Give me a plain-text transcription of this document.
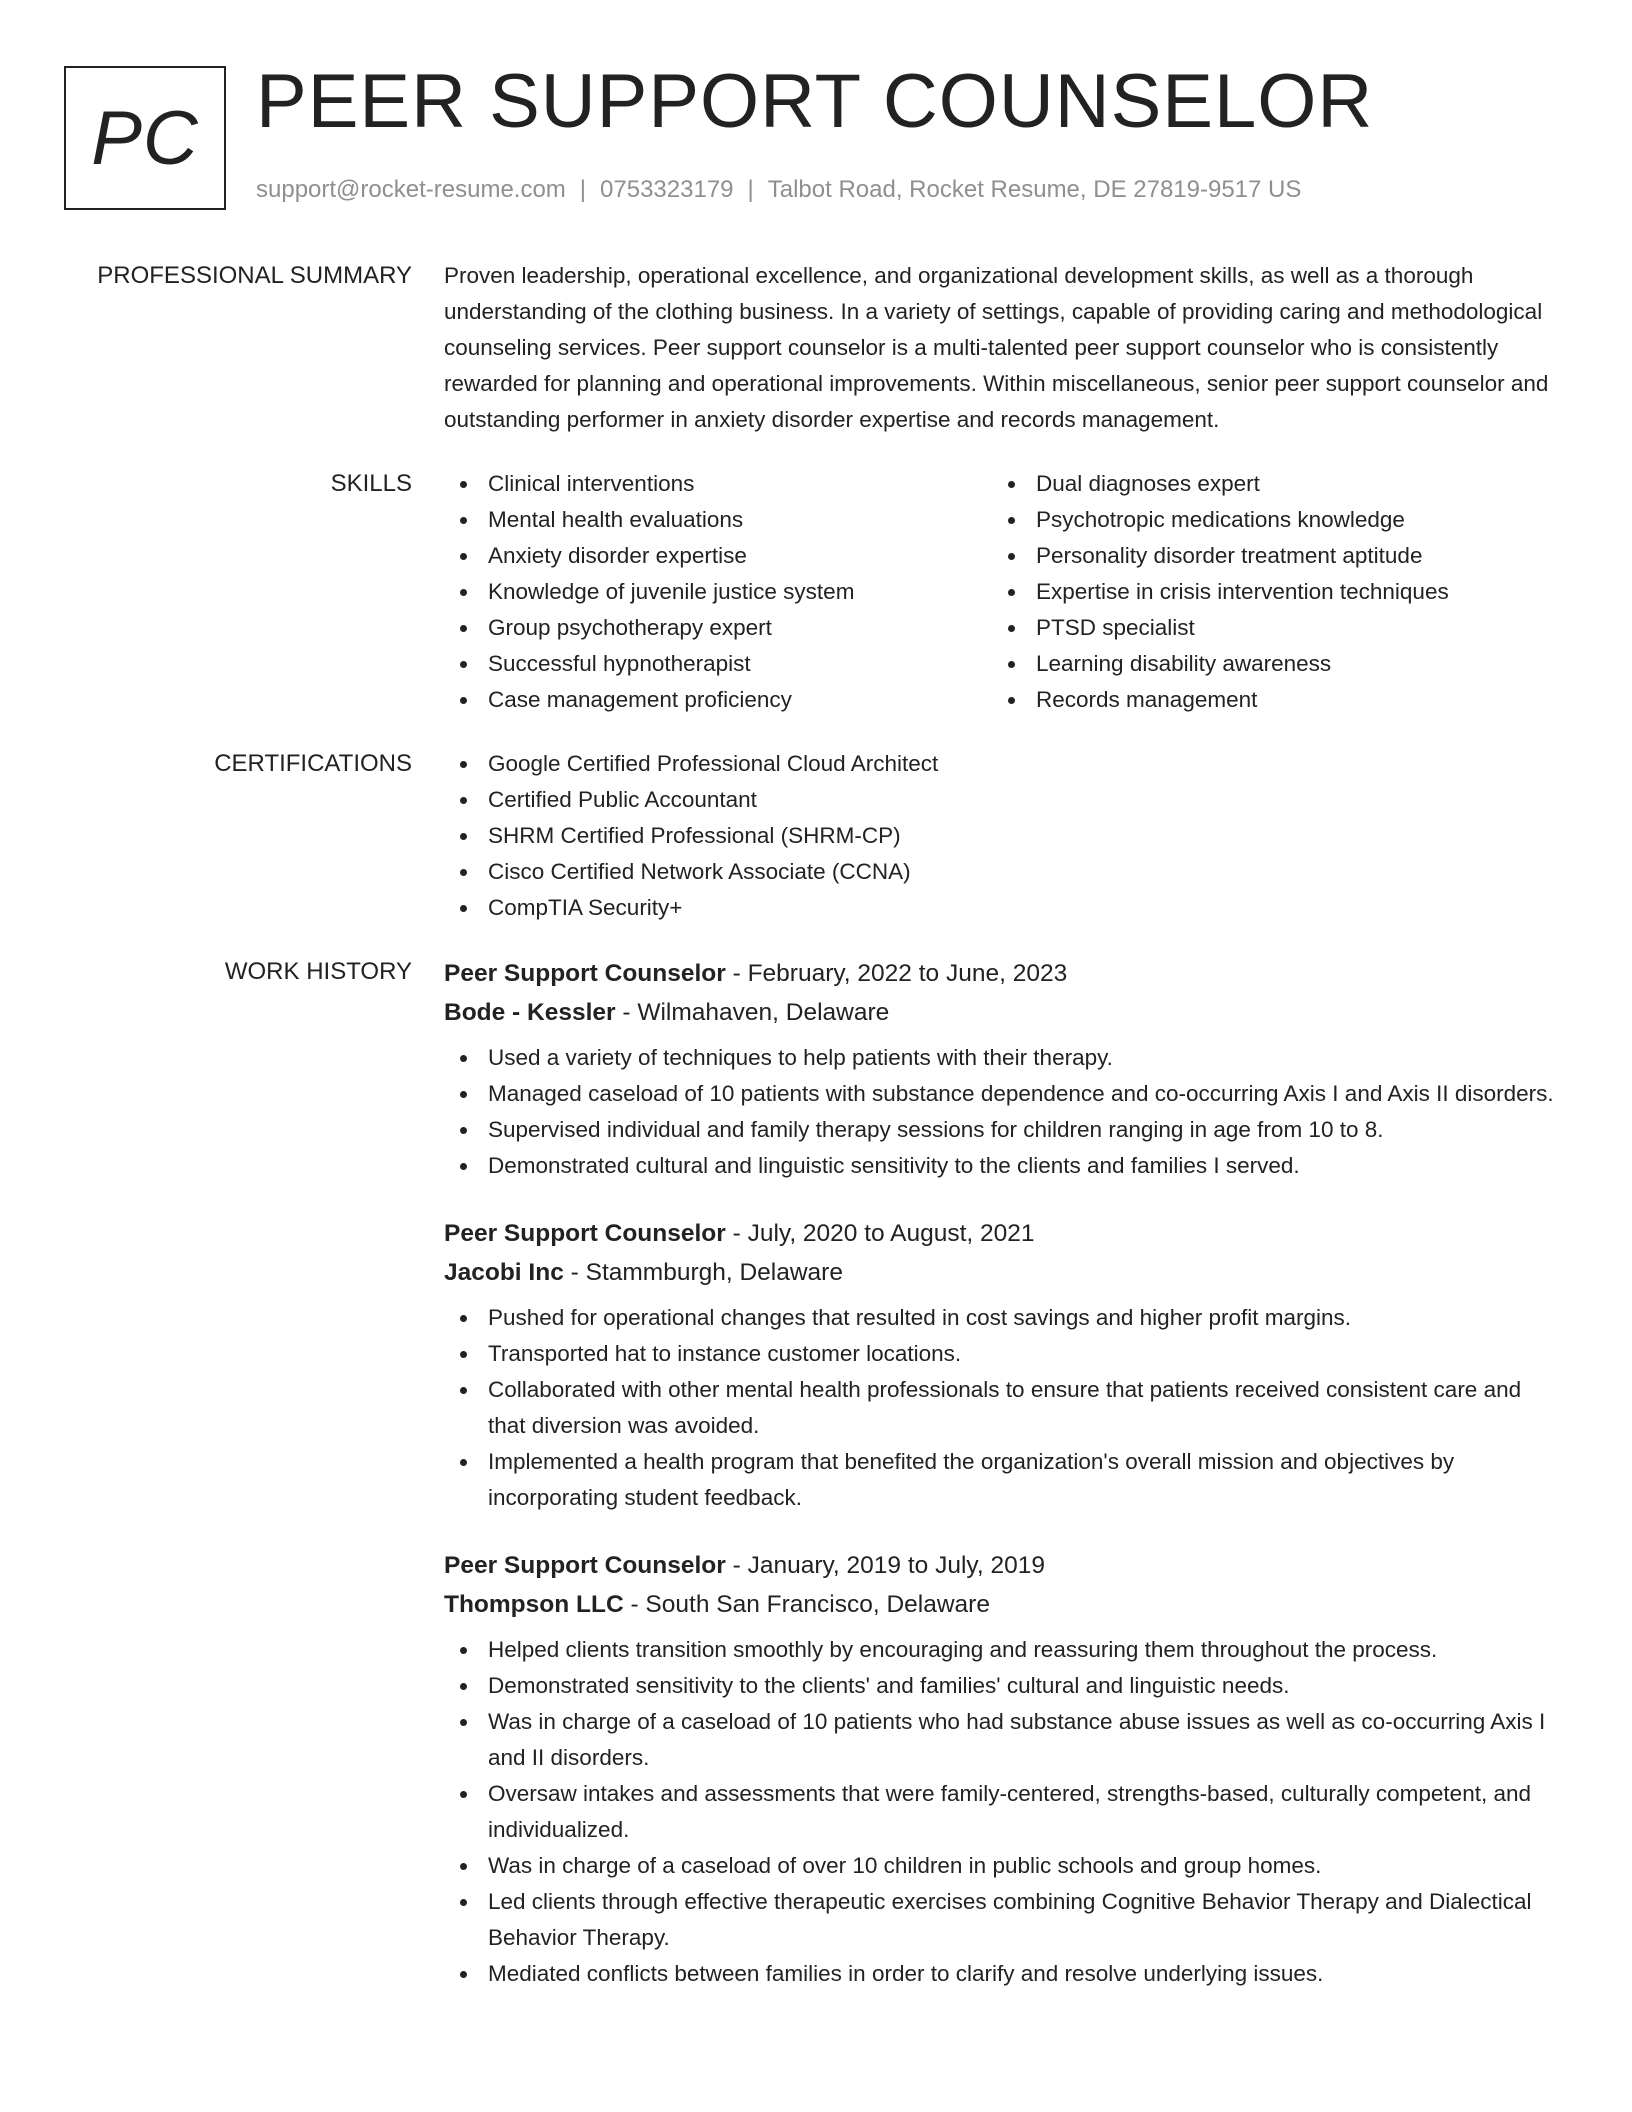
PC PEER SUPPORT COUNSELOR
support@rocket-resume.com | 0753323179 | Talbot Road, Rocket Resume, DE 27819-9517 US
PROFESSIONAL SUMMARY Proven leadership, operational excellence, and organizational development skills, as well as a thorough understanding of the clothing business. In a variety of settings, capable of providing caring and methodological counseling services. Peer support counselor is a multi-talented peer support counselor who is consistently rewarded for planning and operational improvements. Within miscellaneous, senior peer support counselor and outstanding performer in anxiety disorder expertise and records management.
SKILLS	Clinical interventions
Mental health evaluations
Anxiety disorder expertise
Knowledge of juvenile justice system
Group psychotherapy expert
Successful hypnotherapist
Case management proficiency
Dual diagnoses expert
Psychotropic medications knowledge
Personality disorder treatment aptitude
Expertise in crisis intervention techniques
PTSD specialist
Learning disability awareness
Records management
CERTIFICATIONS	Google Certified Professional Cloud Architect
Certified Public Accountant
SHRM Certified Professional (SHRM-CP)
Cisco Certified Network Associate (CCNA)
CompTIA Security+
WORK HISTORY Peer Support Counselor - February, 2022 to June, 2023
Bode - Kessler - Wilmahaven, Delaware
Used a variety of techniques to help patients with their therapy.
Managed caseload of 10 patients with substance dependence and co-occurring Axis I and Axis II disorders.
Supervised individual and family therapy sessions for children ranging in age from 10 to 8.
Demonstrated cultural and linguistic sensitivity to the clients and families I served.
Peer Support Counselor - July, 2020 to August, 2021
Jacobi Inc - Stammburgh, Delaware
Pushed for operational changes that resulted in cost savings and higher profit margins.
Transported hat to instance customer locations.
Collaborated with other mental health professionals to ensure that patients received consistent care and that diversion was avoided.
Implemented a health program that benefited the organization's overall mission and objectives by incorporating student feedback.
Peer Support Counselor - January, 2019 to July, 2019
Thompson LLC - South San Francisco, Delaware
Helped clients transition smoothly by encouraging and reassuring them throughout the process.
Demonstrated sensitivity to the clients' and families' cultural and linguistic needs.
Was in charge of a caseload of 10 patients who had substance abuse issues as well as co-occurring Axis I and II disorders.
Oversaw intakes and assessments that were family-centered, strengths-based, culturally competent, and individualized.
Was in charge of a caseload of over 10 children in public schools and group homes.
Led clients through effective therapeutic exercises combining Cognitive Behavior Therapy and Dialectical Behavior Therapy.
Mediated conflicts between families in order to clarify and resolve underlying issues.
